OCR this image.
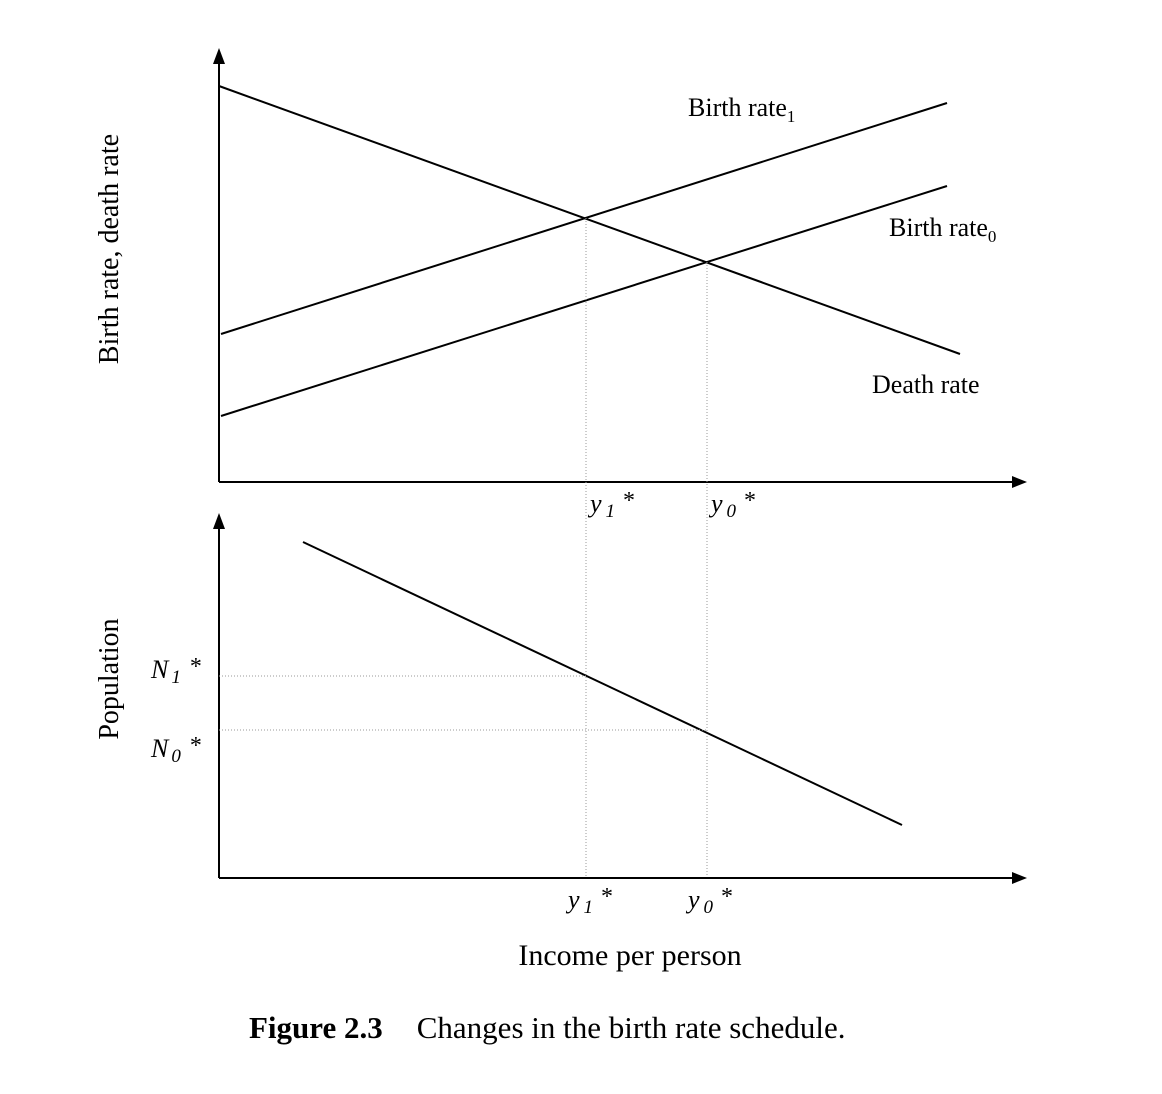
Birth rate$_1$
Birth rate$_0$
Death rate
Birth rate, death rate
y 1 *	y 0 *
Population N 1 *
N 0 *
y 1 *	y 0 *
Income per person
Figure 2.3 Changes in the birth rate schedule.
